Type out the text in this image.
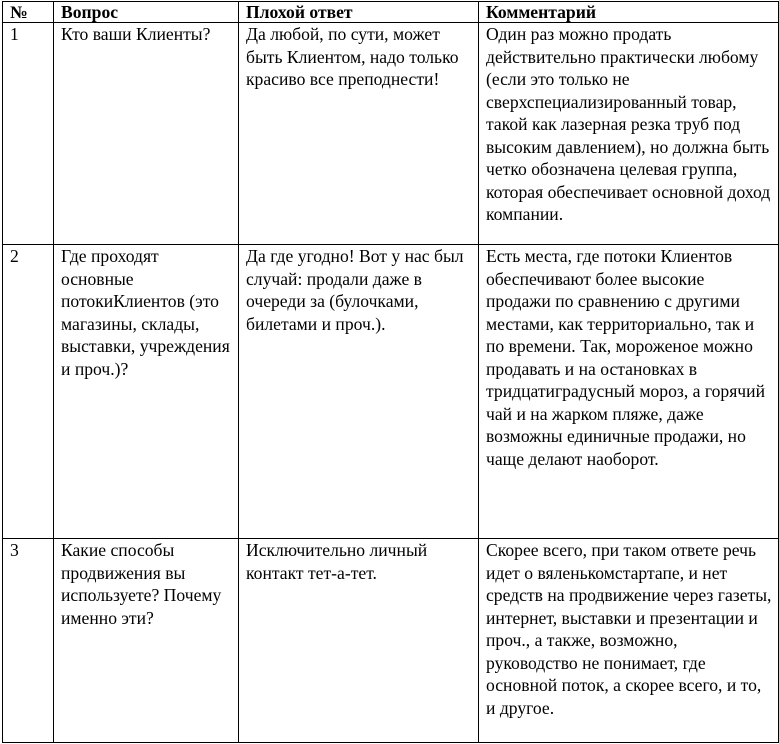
№	Вопрос	Плохой ответ	Комментарий
1	Кто ваши Клиенты?	Да любой, по сути, может быть Клиентом, надо только красиво все преподнести!	Один раз можно продать действительно практически любому (если это только не сверхспециализированный товар, такой как лазерная резка труб под высоким давлением), но должна быть четко обозначена целевая группа, которая обеспечивает основной доход компании.
2	Где проходят основные потокиКлиентов (это магазины, склады, выставки, учреждения и проч.)?	Да где угодно! Вот у нас был случай: продали даже в очереди за (булочками, билетами и проч.).	Есть места, где потоки Клиентов обеспечивают более высокие продажи по сравнению с другими местами, как территориально, так и по времени. Так, мороженое можно продавать и на остановках в тридцатиградусный мороз, а горячий чай и на жарком пляже, даже возможны единичные продажи, но чаще делают наоборот.
3	Какие способы продвижения вы используете? Почему именно эти?	Исключительно личный контакт тет-а-тет.	Скорее всего, при таком ответе речь идет о вяленькомстартапе, и нет средств на продвижение через газеты, интернет, выставки и презентации и проч., а также, возможно, руководство не понимает, где основной поток, а скорее всего, и то, и другое.
